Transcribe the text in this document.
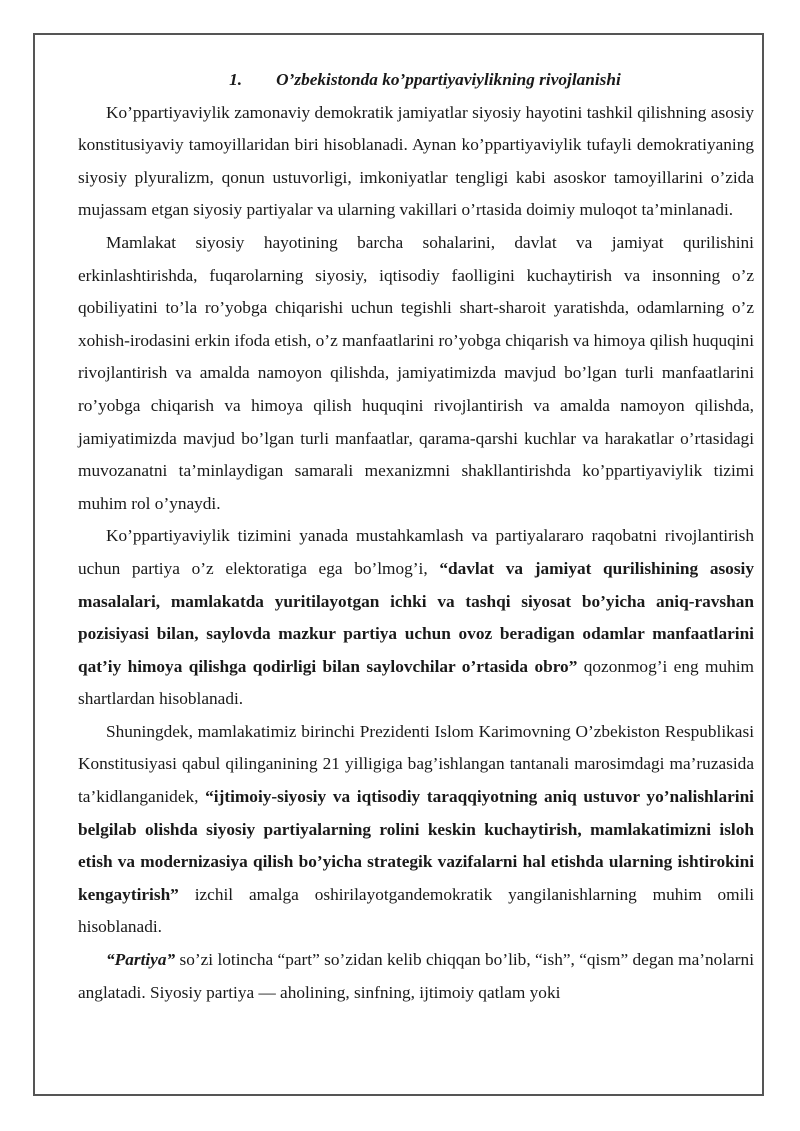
1. O’zbekistonda ko’ppartiyaviylikning rivojlanishi

Ko’ppartiyaviylik zamonaviy demokratik jamiyatlar siyosiy hayotini tashkil qilishning asosiy konstitusiyaviy tamoyillaridan biri hisoblanadi. Aynan ko’ppartiyaviylik tufayli demokratiyaning siyosiy plyuralizm, qonun ustuvorligi, imkoniyatlar tengligi kabi asoskor tamoyillarini o’zida mujassam etgan siyosiy partiyalar va ularning vakillari o’rtasida doimiy muloqot ta’minlanadi.

Mamlakat siyosiy hayotining barcha sohalarini, davlat va jamiyat qurilishini erkinlashtirishda, fuqarolarning siyosiy, iqtisodiy faolligini kuchaytirish va insonning o’z qobiliyatini to’la ro’yobga chiqarishi uchun tegishli shart-sharoit yaratishda, odamlarning o’z xohish-irodasini erkin ifoda etish, o’z manfaatlarini ro’yobga chiqarish va himoya qilish huquqini rivojlantirish va amalda namoyon qilishda, jamiyatimizda mavjud bo’lgan turli manfaatlarini ro’yobga chiqarish va himoya qilish huquqini rivojlantirish va amalda namoyon qilishda, jamiyatimizda mavjud bo’lgan turli manfaatlar, qarama-qarshi kuchlar va harakatlar o’rtasidagi muvozanatni ta’minlaydigan samarali mexanizmni shakllantirishda ko’ppartiyaviylik tizimi muhim rol o’ynaydi.

Ko’ppartiyaviylik tizimini yanada mustahkamlash va partiyalararo raqobatni rivojlantirish uchun partiya o’z elektoratiga ega bo’lmog’i, “davlat va jamiyat qurilishining asosiy masalalari, mamlakatda yuritilayotgan ichki va tashqi siyosat bo’yicha aniq-ravshan pozisiyasi bilan, saylovda mazkur partiya uchun ovoz beradigan odamlar manfaatlarini qat’iy himoya qilishga qodirligi bilan saylovchilar o’rtasida obro” qozonmog’i eng muhim shartlardan hisoblanadi.

Shuningdek, mamlakatimiz birinchi Prezidenti Islom Karimovning O’zbekiston Respublikasi Konstitusiyasi qabul qilinganining 21 yilligiga bag’ishlangan tantanali marosimdagi ma’ruzasida ta’kidlanganidek, “ijtimoiy-siyosiy va iqtisodiy taraqqiyotning aniq ustuvor yo’nalishlarini belgilab olishda siyosiy partiyalarning rolini keskin kuchaytirish, mamlakatimizni isloh etish va modernizasiya qilish bo’yicha strategik vazifalarni hal etishda ularning ishtirokini kengaytirish” izchil amalga oshirilayotgandemokratik yangilanishlarning muhim omili hisoblanadi.

“Partiya” so’zi lotincha “part” so’zidan kelib chiqqan bo’lib, “ish”, “qism” degan ma’nolarni anglatadi. Siyosiy partiya — aholining, sinfning, ijtimoiy qatlam yoki
